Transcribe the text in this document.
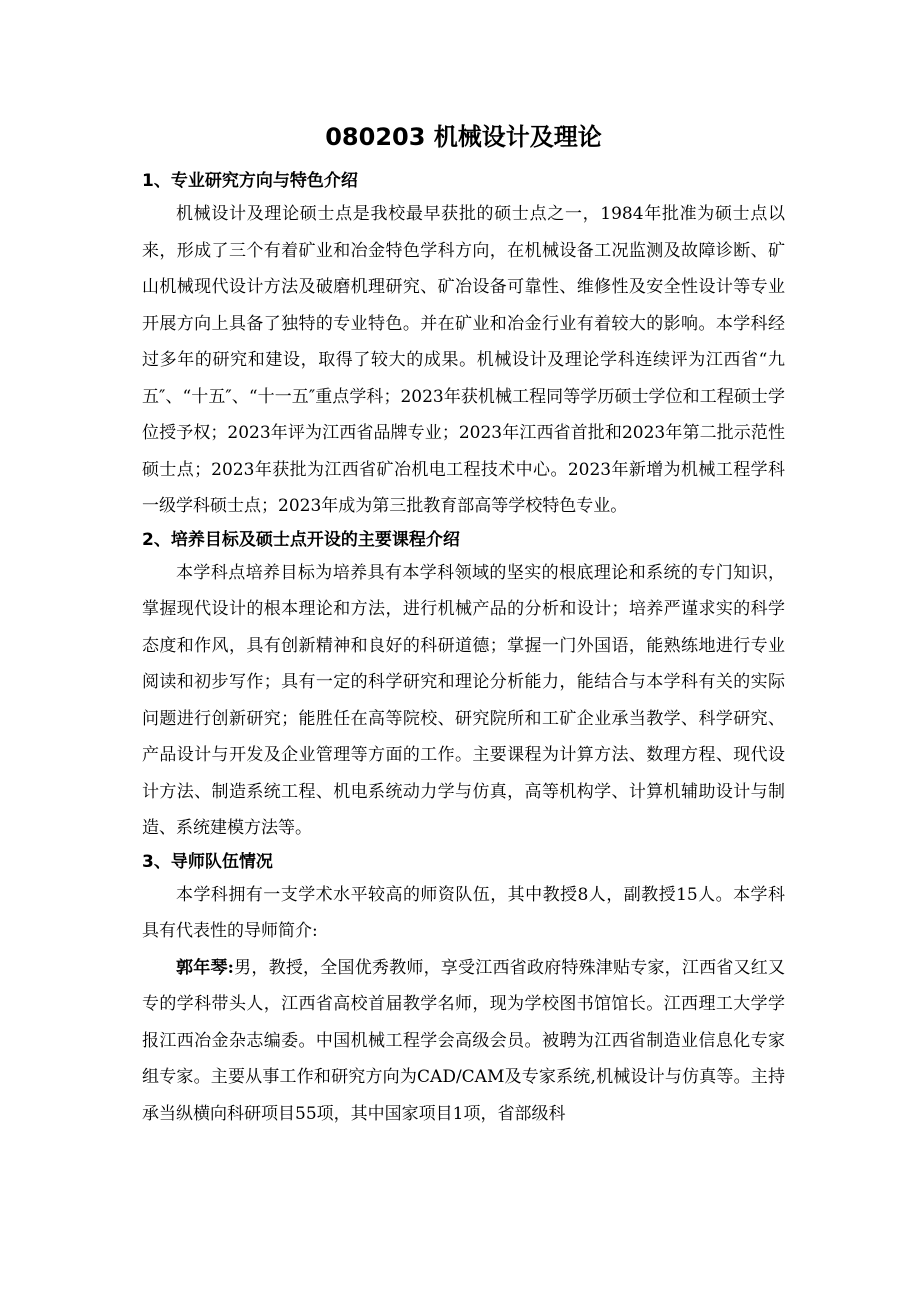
080203 机械设计及理论
1、专业研究方向与特色介绍

机械设计及理论硕士点是我校最早获批的硕士点之一，1984年批准为硕士点以来，形成了三个有着矿业和冶金特色学科方向，在机械设备工况监测及故障诊断、矿山机械现代设计方法及破磨机理研究、矿冶设备可靠性、维修性及安全性设计等专业开展方向上具备了独特的专业特色。并在矿业和冶金行业有着较大的影响。本学科经过多年的研究和建设，取得了较大的成果。机械设计及理论学科连续评为江西省“九五″、“十五″、“十一五″重点学科；2023年获机械工程同等学历硕士学位和工程硕士学位授予权；2023年评为江西省品牌专业；2023年江西省首批和2023年第二批示范性硕士点；2023年获批为江西省矿冶机电工程技术中心。2023年新增为机械工程学科一级学科硕士点；2023年成为第三批教育部高等学校特色专业。

2、培养目标及硕士点开设的主要课程介绍

本学科点培养目标为培养具有本学科领域的坚实的根底理论和系统的专门知识，掌握现代设计的根本理论和方法，进行机械产品的分析和设计；培养严谨求实的科学态度和作风，具有创新精神和良好的科研道德；掌握一门外国语，能熟练地进行专业阅读和初步写作；具有一定的科学研究和理论分析能力，能结合与本学科有关的实际问题进行创新研究；能胜任在高等院校、研究院所和工矿企业承当教学、科学研究、产品设计与开发及企业管理等方面的工作。主要课程为计算方法、数理方程、现代设计方法、制造系统工程、机电系统动力学与仿真，高等机构学、计算机辅助设计与制造、系统建模方法等。

3、导师队伍情况

本学科拥有一支学术水平较高的师资队伍，其中教授8人，副教授15人。本学科具有代表性的导师简介:

郭年琴:男，教授，全国优秀教师，享受江西省政府特殊津贴专家，江西省又红又专的学科带头人，江西省高校首届教学名师，现为学校图书馆馆长。江西理工大学学报江西冶金杂志编委。中国机械工程学会高级会员。被聘为江西省制造业信息化专家组专家。主要从事工作和研究方向为CAD/CAM及专家系统,机械设计与仿真等。主持承当纵横向科研项目55项，其中国家项目1项，省部级科
